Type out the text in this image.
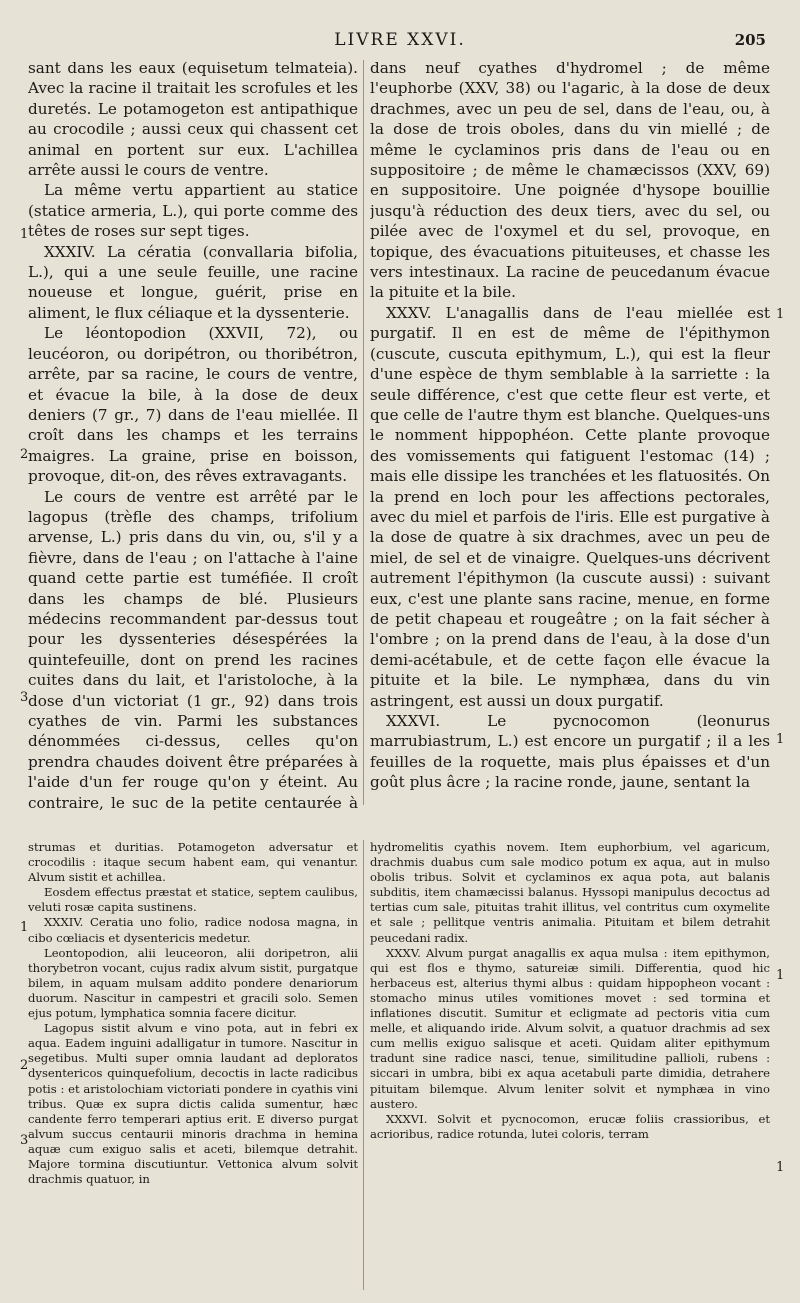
LIVRE XXVI.	205

sant dans les eaux (equisetum telmateia). Avec la racine il traitait les scrofules et les duretés. Le potamogeton est antipathique au crocodile ; aussi ceux qui chassent cet animal en portent sur eux. L'achillea arrête aussi le cours de ventre.

La même vertu appartient au statice (statice armeria, L.), qui porte comme des têtes de roses sur sept tiges.

XXXIV. La cératia (convallaria bifolia, L.), qui a une seule feuille, une racine noueuse et longue, guérit, prise en aliment, le flux céliaque et la dyssenterie.

Le léontopodion (XXVII, 72), ou leucéoron, ou doripétron, ou thoribétron, arrête, par sa racine, le cours de ventre, et évacue la bile, à la dose de deux deniers (7 gr., 7) dans de l'eau miellée. Il croît dans les champs et les terrains maigres. La graine, prise en boisson, provoque, dit-on, des rêves extravagants.

Le cours de ventre est arrêté par le lagopus (trèfle des champs, trifolium arvense, L.) pris dans du vin, ou, s'il y a fièvre, dans de l'eau ; on l'attache à l'aine quand cette partie est tuméfiée. Il croît dans les champs de blé. Plusieurs médecins recommandent par-dessus tout pour les dyssenteries désespérées la quintefeuille, dont on prend les racines cuites dans du lait, et l'aristoloche, à la dose d'un victoriat (1 gr., 92) dans trois cyathes de vin. Parmi les substances dénommées ci-dessus, celles qu'on prendra chaudes doivent être préparées à l'aide d'un fer rouge qu'on y éteint. Au contraire, le suc de la petite centaurée à

dans neuf cyathes d'hydromel ; de même l'euphorbe (XXV, 38) ou l'agaric, à la dose de deux drachmes, avec un peu de sel, dans de l'eau, ou, à la dose de trois oboles, dans du vin miellé ; de même le cyclaminos pris dans de l'eau ou en suppositoire ; de même le chamæcissos (XXV, 69) en suppositoire. Une poignée d'hysope bouillie jusqu'à réduction des deux tiers, avec du sel, ou pilée avec de l'oxymel et du sel, provoque, en topique, des évacuations pituiteuses, et chasse les vers intestinaux. La racine de peucedanum évacue la pituite et la bile.

XXXV. L'anagallis dans de l'eau miellée est purgatif. Il en est de même de l'épithymon (cuscute, cuscuta epithymum, L.), qui est la fleur d'une espèce de thym semblable à la sarriette : la seule différence, c'est que cette fleur est verte, et que celle de l'autre thym est blanche. Quelques-uns le nomment hippophéon. Cette plante provoque des vomissements qui fatiguent l'estomac (14) ; mais elle dissipe les tranchées et les flatuosités. On la prend en loch pour les affections pectorales, avec du miel et parfois de l'iris. Elle est purgative à la dose de quatre à six drachmes, avec un peu de miel, de sel et de vinaigre. Quelques-uns décrivent autrement l'épithymon (la cuscute aussi) : suivant eux, c'est une plante sans racine, menue, en forme de petit chapeau et rougeâtre ; on la fait sécher à l'ombre ; on la prend dans de l'eau, à la dose d'un demi-acétabule, et de cette façon elle évacue la pituite et la bile. Le nymphæa, dans du vin astringent, est aussi un doux purgatif.

XXXVI. Le pycnocomon (leonurus marrubiastrum, L.) est encore un purgatif ; il a les feuilles de la roquette, mais plus épaisses et d'un goût plus âcre ; la racine ronde, jaune, sentant la

strumas et duritias. Potamogeton adversatur et crocodilis : itaque secum habent eam, qui venantur. Alvum sistit et achillea.

Eosdem effectus præstat et statice, septem caulibus, veluti rosæ capita sustinens.

XXXIV. Ceratia uno folio, radice nodosa magna, in cibo cœliacis et dysentericis medetur.

Leontopodion, alii leuceoron, alii doripetron, alii thorybetron vocant, cujus radix alvum sistit, purgatque bilem, in aquam mulsam addito pondere denariorum duorum. Nascitur in campestri et gracili solo. Semen ejus potum, lymphatica somnia facere dicitur.

Lagopus sistit alvum e vino pota, aut in febri ex aqua. Eadem inguini adalligatur in tumore. Nascitur in segetibus. Multi super omnia laudant ad deploratos dysentericos quinquefolium, decoctis in lacte radicibus potis : et aristolochiam victoriati pondere in cyathis vini tribus. Quæ ex supra dictis calida sumentur, hæc candente ferro temperari aptius erit. E diverso purgat alvum succus centaurii minoris drachma in hemina aquæ cum exiguo salis et aceti, bilemque detrahit. Majore tormina discutiuntur. Vettonica alvum solvit drachmis quatuor, in

hydromelitis cyathis novem. Item euphorbium, vel agaricum, drachmis duabus cum sale modico potum ex aqua, aut in mulso obolis tribus. Solvit et cyclaminos ex aqua pota, aut balanis subditis, item chamæcissi balanus. Hyssopi manipulus decoctus ad tertias cum sale, pituitas trahit illitus, vel contritus cum oxymelite et sale ; pellitque ventris animalia. Pituitam et bilem detrahit peucedani radix.

XXXV. Alvum purgat anagallis ex aqua mulsa : item epithymon, qui est flos e thymo, satureiæ simili. Differentia, quod hic herbaceus est, alterius thymi albus : quidam hippopheon vocant : stomacho minus utiles vomitiones movet : sed tormina et inflationes discutit. Sumitur et ecligmate ad pectoris vitia cum melle, et aliquando iride. Alvum solvit, a quatuor drachmis ad sex cum mellis exiguo salisque et aceti. Quidam aliter epithymum tradunt sine radice nasci, tenue, similitudine pallioli, rubens : siccari in umbra, bibi ex aqua acetabuli parte dimidia, detrahere pituitam bilemque. Alvum leniter solvit et nymphæa in vino austero.

XXXVI. Solvit et pycnocomon, erucæ foliis crassioribus, et acrioribus, radice rotunda, lutei coloris, terram

1
2
3
1
1
1
2
3
1
1
